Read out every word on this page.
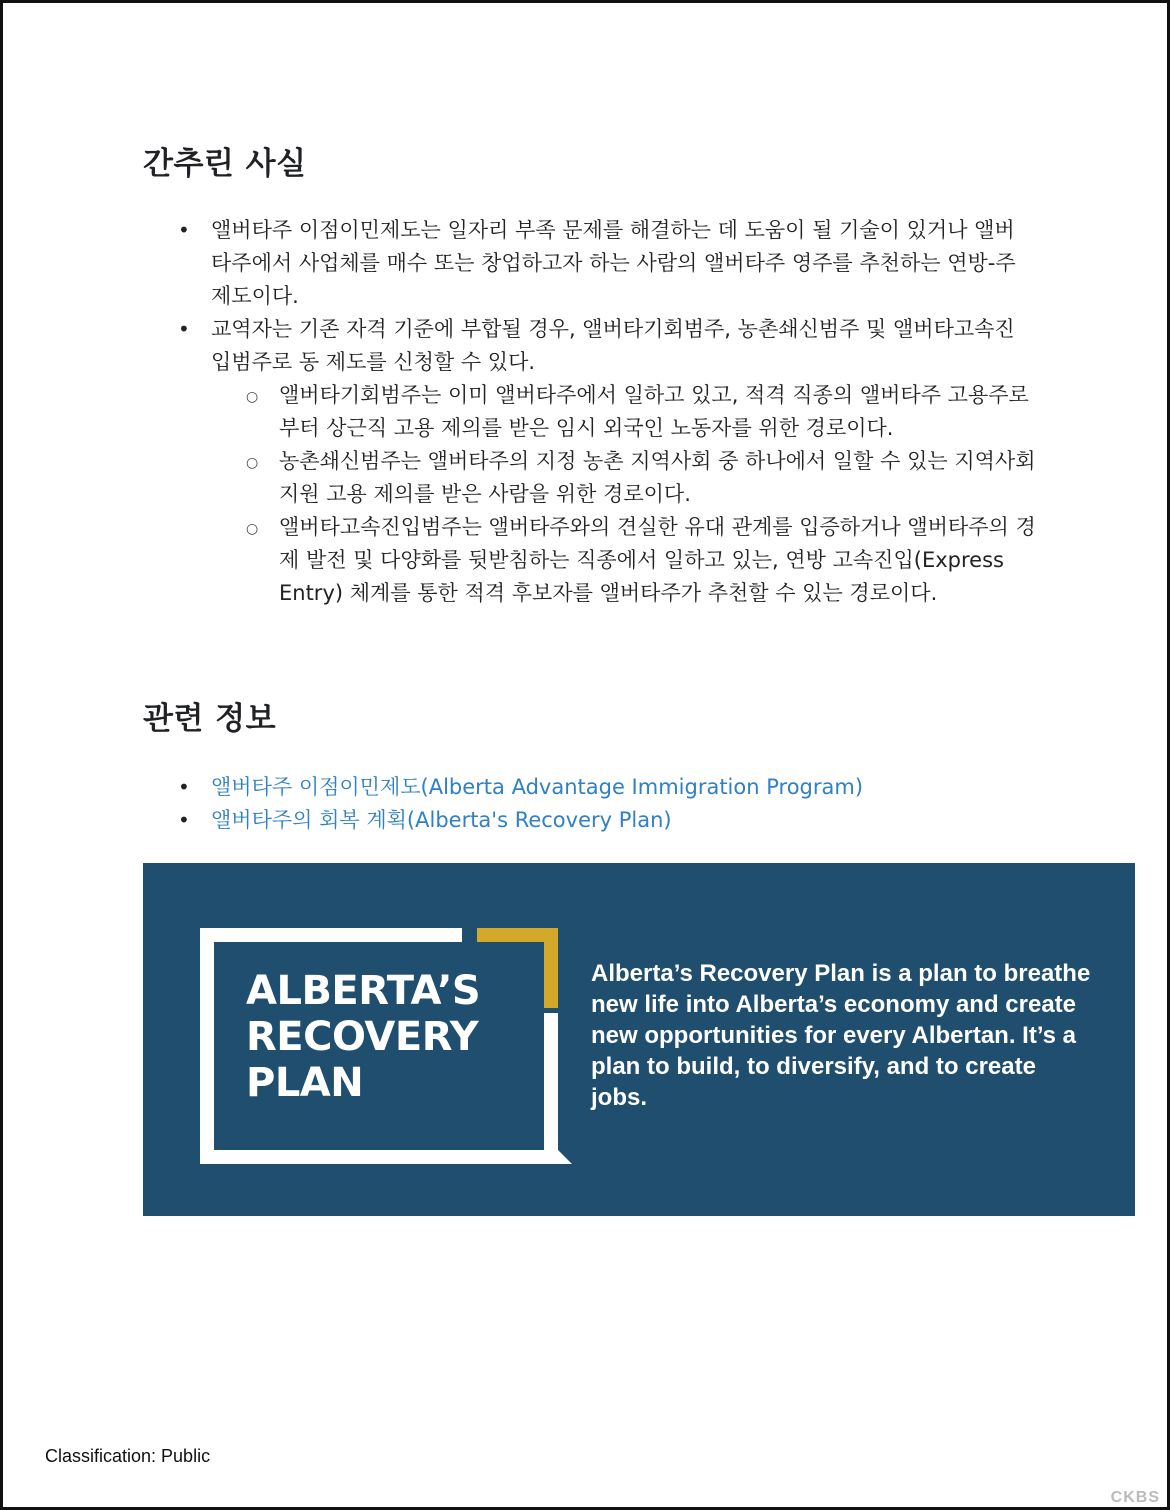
간추린 사실
• 앨버타주 이점이민제도는 일자리 부족 문제를 해결하는 데 도움이 될 기술이 있거나 앨버타주에서 사업체를 매수 또는 창업하고자 하는 사람의 앨버타주 영주를 추천하는 연방-주 제도이다.
• 교역자는 기존 자격 기준에 부합될 경우, 앨버타기회범주, 농촌쇄신범주 및 앨버타고속진입범주로 동 제도를 신청할 수 있다.
○ 앨버타기회범주는 이미 앨버타주에서 일하고 있고, 적격 직종의 앨버타주 고용주로부터 상근직 고용 제의를 받은 임시 외국인 노동자를 위한 경로이다.
○ 농촌쇄신범주는 앨버타주의 지정 농촌 지역사회 중 하나에서 일할 수 있는 지역사회 지원 고용 제의를 받은 사람을 위한 경로이다.
○ 앨버타고속진입범주는 앨버타주와의 견실한 유대 관계를 입증하거나 앨버타주의 경제 발전 및 다양화를 뒷받침하는 직종에서 일하고 있는, 연방 고속진입(Express Entry) 체계를 통한 적격 후보자를 앨버타주가 추천할 수 있는 경로이다.
관련 정보
• 앨버타주 이점이민제도(Alberta Advantage Immigration Program)
• 앨버타주의 회복 계획(Alberta's Recovery Plan)
ALBERTA’S
RECOVERY
PLAN
Alberta’s Recovery Plan is a plan to breathe new life into Alberta’s economy and create new opportunities for every Albertan. It’s a plan to build, to diversify, and to create jobs.
Classification: Public
CKBS
